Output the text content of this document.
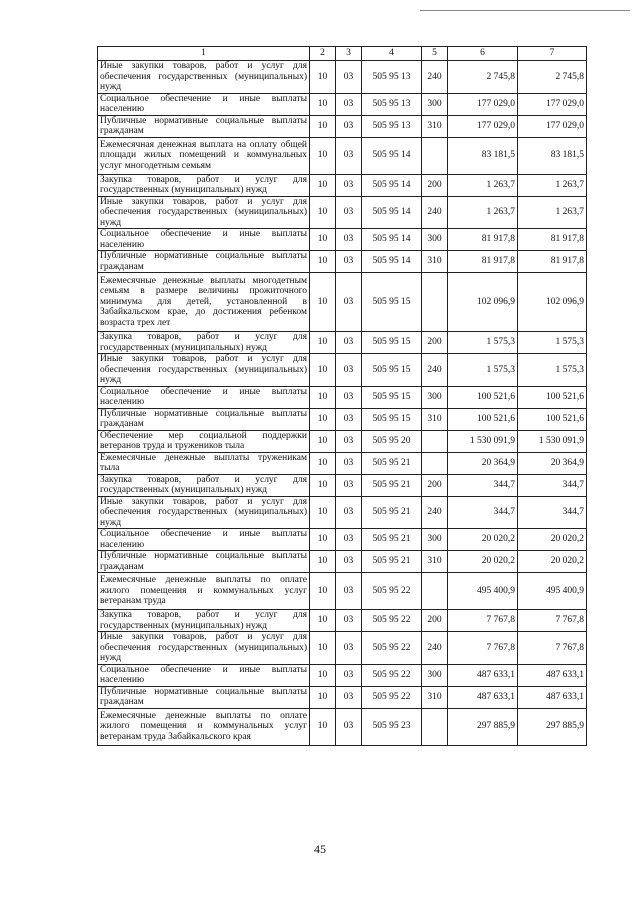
1	2	3	4	5	6	7
Иные закупки товаров, работ и услуг для обеспечения государственных (муниципальных) нужд	10	03	505 95 13	240	2 745,8	2 745,8
Социальное обеспечение и иные выплаты населению	10	03	505 95 13	300	177 029,0	177 029,0
Публичные нормативные социальные выплаты гражданам	10	03	505 95 13	310	177 029,0	177 029,0
Ежемесячная денежная выплата на оплату общей площади жилых помещений и коммунальных услуг многодетным семьям	10	03	505 95 14		83 181,5	83 181,5
Закупка товаров, работ и услуг для государственных (муниципальных) нужд	10	03	505 95 14	200	1 263,7	1 263,7
Иные закупки товаров, работ и услуг для обеспечения государственных (муниципальных) нужд	10	03	505 95 14	240	1 263,7	1 263,7
Социальное обеспечение и иные выплаты населению	10	03	505 95 14	300	81 917,8	81 917,8
Публичные нормативные социальные выплаты гражданам	10	03	505 95 14	310	81 917,8	81 917,8
Ежемесячные денежные выплаты многодетным семьям в размере величины прожиточного минимума для детей, установленной в Забайкальском крае, до достижения ребенком возраста трех лет	10	03	505 95 15		102 096,9	102 096,9
Закупка товаров, работ и услуг для государственных (муниципальных) нужд	10	03	505 95 15	200	1 575,3	1 575,3
Иные закупки товаров, работ и услуг для обеспечения государственных (муниципальных) нужд	10	03	505 95 15	240	1 575,3	1 575,3
Социальное обеспечение и иные выплаты населению	10	03	505 95 15	300	100 521,6	100 521,6
Публичные нормативные социальные выплаты гражданам	10	03	505 95 15	310	100 521,6	100 521,6
Обеспечение мер социальной поддержки ветеранов труда и тружеников тыла	10	03	505 95 20		1 530 091,9	1 530 091,9
Ежемесячные денежные выплаты труженикам тыла	10	03	505 95 21		20 364,9	20 364,9
Закупка товаров, работ и услуг для государственных (муниципальных) нужд	10	03	505 95 21	200	344,7	344,7
Иные закупки товаров, работ и услуг для обеспечения государственных (муниципальных) нужд	10	03	505 95 21	240	344,7	344,7
Социальное обеспечение и иные выплаты населению	10	03	505 95 21	300	20 020,2	20 020,2
Публичные нормативные социальные выплаты гражданам	10	03	505 95 21	310	20 020,2	20 020,2
Ежемесячные денежные выплаты по оплате жилого помещения и коммунальных услуг ветеранам труда	10	03	505 95 22		495 400,9	495 400,9
Закупка товаров, работ и услуг для государственных (муниципальных) нужд	10	03	505 95 22	200	7 767,8	7 767,8
Иные закупки товаров, работ и услуг для обеспечения государственных (муниципальных) нужд	10	03	505 95 22	240	7 767,8	7 767,8
Социальное обеспечение и иные выплаты населению	10	03	505 95 22	300	487 633,1	487 633,1
Публичные нормативные социальные выплаты гражданам	10	03	505 95 22	310	487 633,1	487 633,1
Ежемесячные денежные выплаты по оплате жилого помещения и коммунальных услуг ветеранам труда Забайкальского края	10	03	505 95 23		297 885,9	297 885,9
45
